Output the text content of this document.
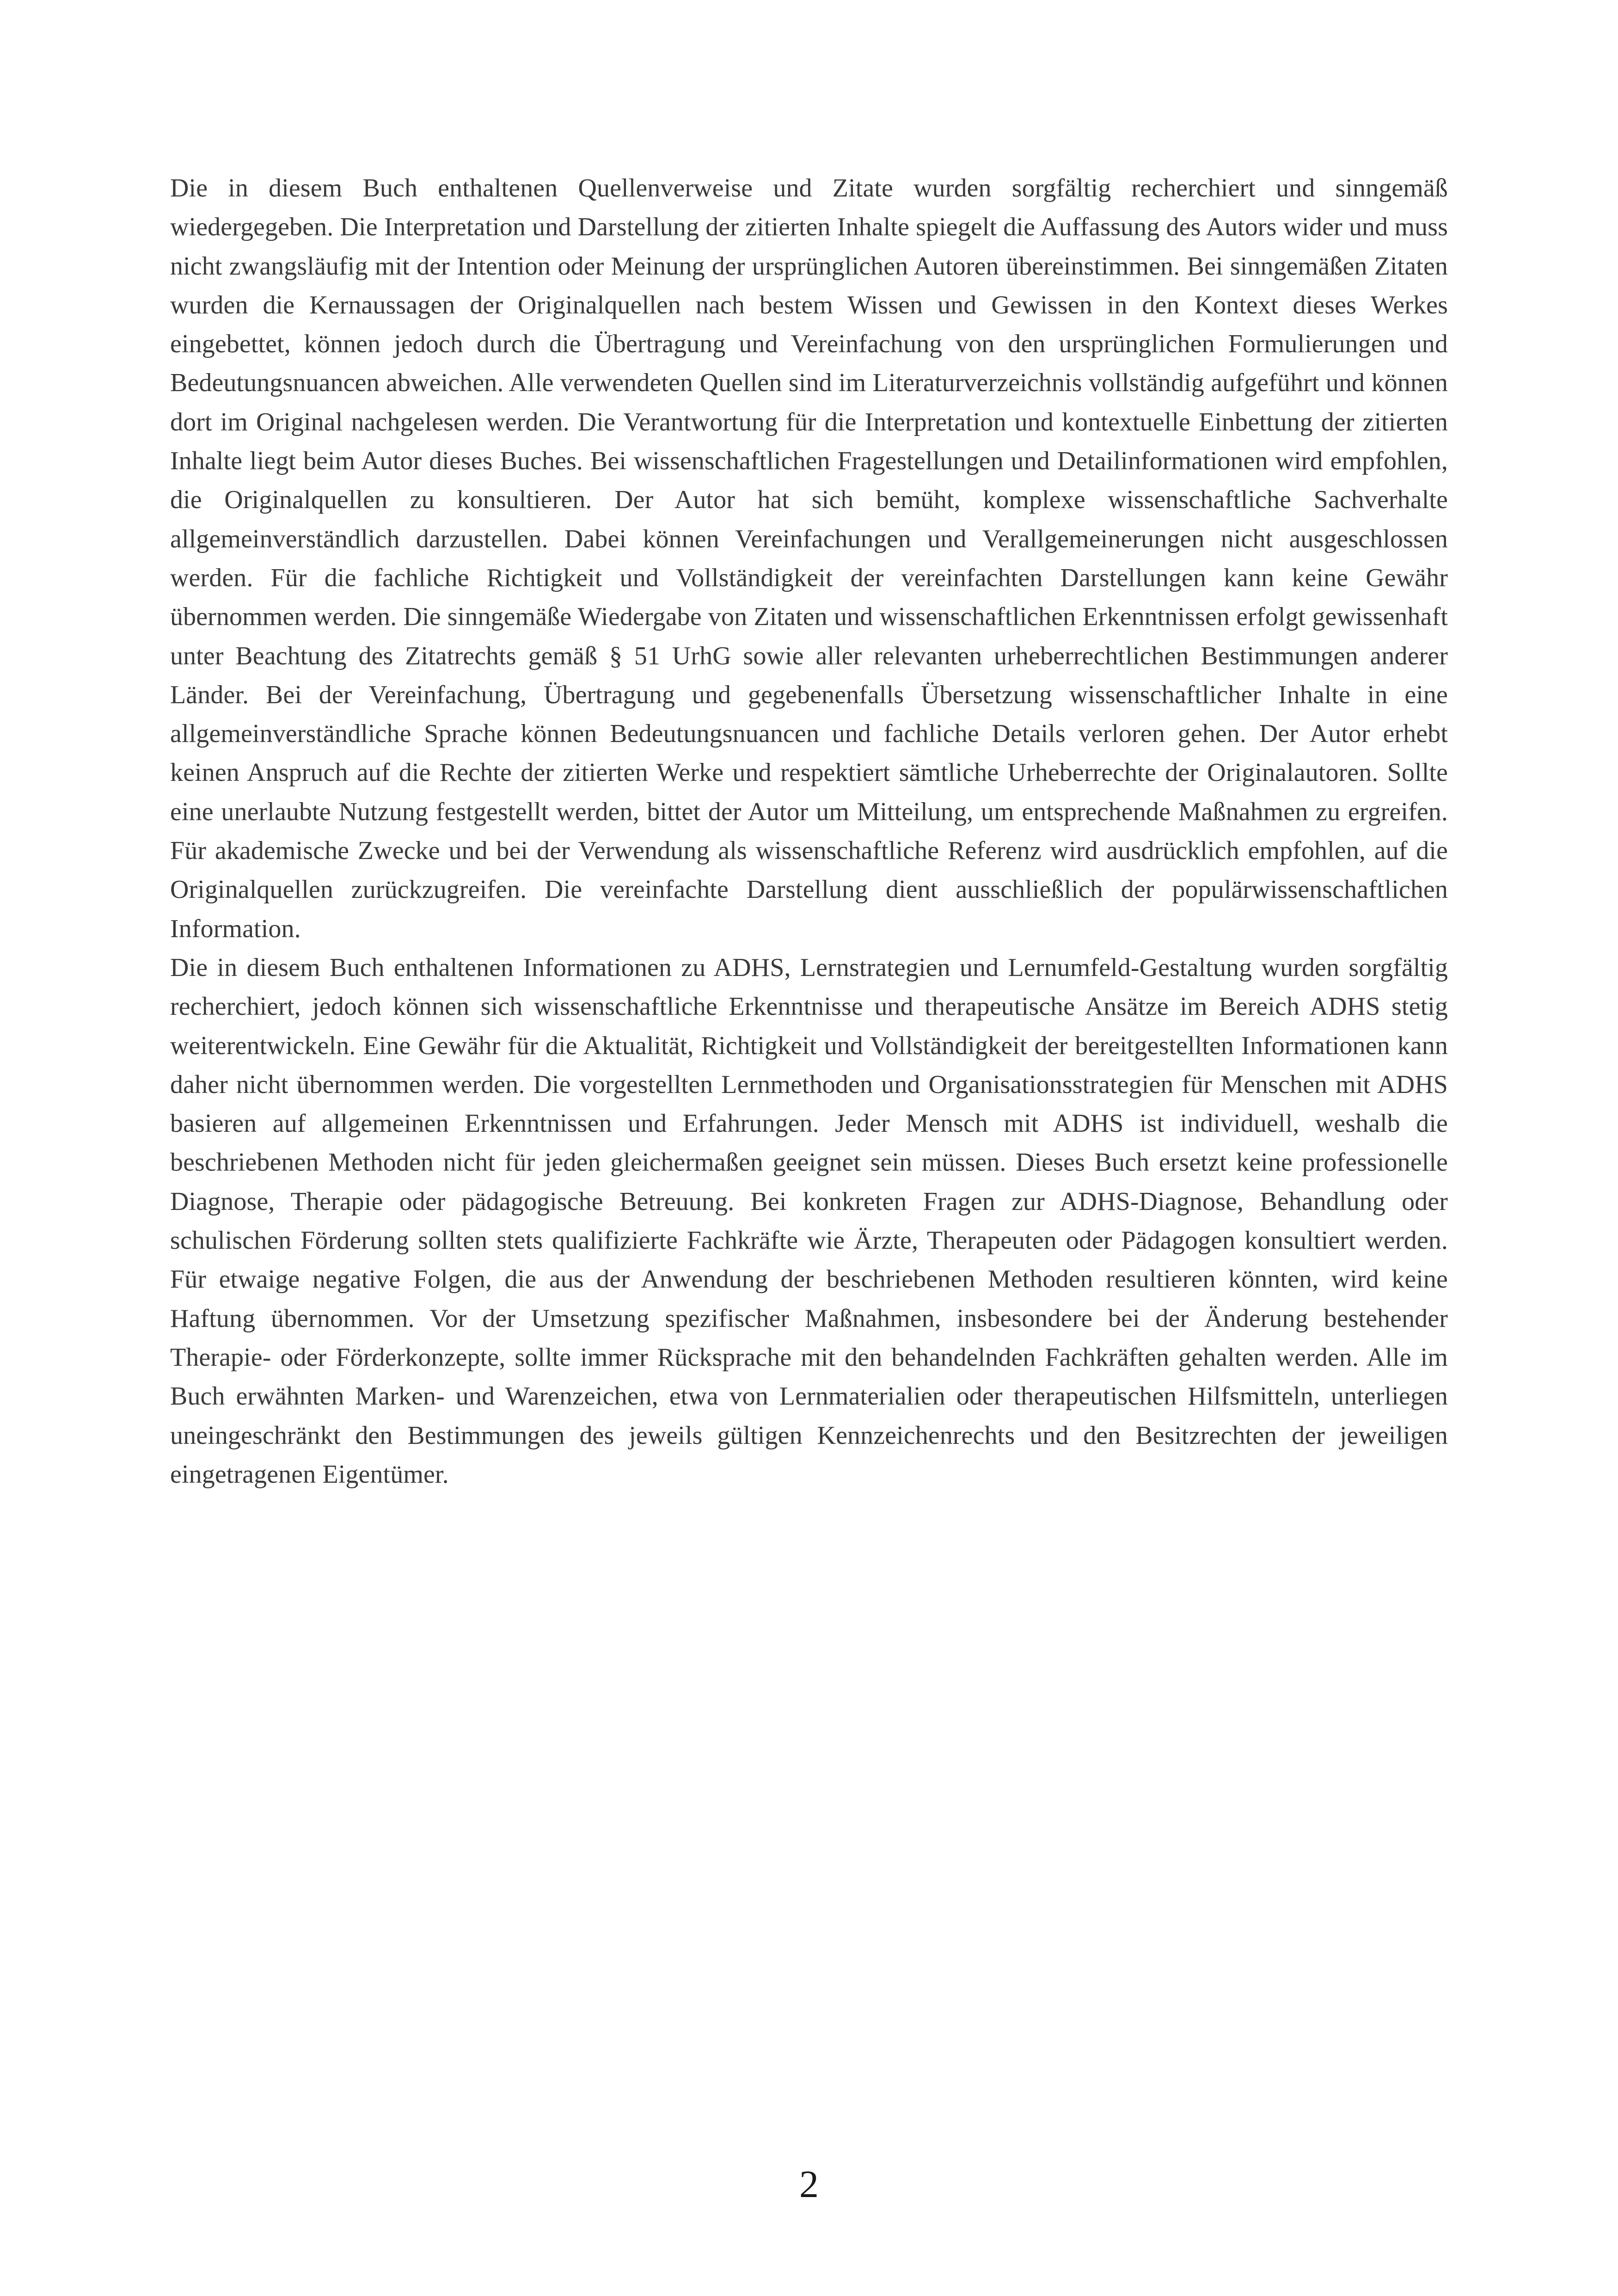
Die in diesem Buch enthaltenen Quellenverweise und Zitate wurden sorgfältig recherchiert und sinngemäß wiedergegeben. Die Interpretation und Darstellung der zitierten Inhalte spiegelt die Auffassung des Autors wider und muss nicht zwangsläufig mit der Intention oder Meinung der ursprünglichen Autoren übereinstimmen. Bei sinngemäßen Zitaten wurden die Kernaussagen der Originalquellen nach bestem Wissen und Gewissen in den Kontext dieses Werkes eingebettet, können jedoch durch die Übertragung und Vereinfachung von den ursprünglichen Formulierungen und Bedeutungsnuancen abweichen. Alle verwendeten Quellen sind im Literaturverzeichnis vollständig aufgeführt und können dort im Original nachgelesen werden. Die Verantwortung für die Interpretation und kontextuelle Einbettung der zitierten Inhalte liegt beim Autor dieses Buches. Bei wissenschaftlichen Fragestellungen und Detailinformationen wird empfohlen, die Originalquellen zu konsultieren. Der Autor hat sich bemüht, komplexe wissenschaftliche Sachverhalte allgemeinverständlich darzustellen. Dabei können Vereinfachungen und Verallgemeinerungen nicht ausgeschlossen werden. Für die fachliche Richtigkeit und Vollständigkeit der vereinfachten Darstellungen kann keine Gewähr übernommen werden. Die sinngemäße Wiedergabe von Zitaten und wissenschaftlichen Erkenntnissen erfolgt gewissenhaft unter Beachtung des Zitatrechts gemäß § 51 UrhG sowie aller relevanten urheberrechtlichen Bestimmungen anderer Länder. Bei der Vereinfachung, Übertragung und gegebenenfalls Übersetzung wissenschaftlicher Inhalte in eine allgemeinverständliche Sprache können Bedeutungsnuancen und fachliche Details verloren gehen. Der Autor erhebt keinen Anspruch auf die Rechte der zitierten Werke und respektiert sämtliche Urheberrechte der Originalautoren. Sollte eine unerlaubte Nutzung festgestellt werden, bittet der Autor um Mitteilung, um entsprechende Maßnahmen zu ergreifen. Für akademische Zwecke und bei der Verwendung als wissenschaftliche Referenz wird ausdrücklich empfohlen, auf die Originalquellen zurückzugreifen. Die vereinfachte Darstellung dient ausschließlich der populärwissenschaftlichen Information.

Die in diesem Buch enthaltenen Informationen zu ADHS, Lernstrategien und Lernumfeld-Gestaltung wurden sorgfältig recherchiert, jedoch können sich wissenschaftliche Erkenntnisse und therapeutische Ansätze im Bereich ADHS stetig weiterentwickeln. Eine Gewähr für die Aktualität, Richtigkeit und Vollständigkeit der bereitgestellten Informationen kann daher nicht übernommen werden. Die vorgestellten Lernmethoden und Organisationsstrategien für Menschen mit ADHS basieren auf allgemeinen Erkenntnissen und Erfahrungen. Jeder Mensch mit ADHS ist individuell, weshalb die beschriebenen Methoden nicht für jeden gleichermaßen geeignet sein müssen. Dieses Buch ersetzt keine professionelle Diagnose, Therapie oder pädagogische Betreuung. Bei konkreten Fragen zur ADHS-Diagnose, Behandlung oder schulischen Förderung sollten stets qualifizierte Fachkräfte wie Ärzte, Therapeuten oder Pädagogen konsultiert werden. Für etwaige negative Folgen, die aus der Anwendung der beschriebenen Methoden resultieren könnten, wird keine Haftung übernommen. Vor der Umsetzung spezifischer Maßnahmen, insbesondere bei der Änderung bestehender Therapie- oder Förderkonzepte, sollte immer Rücksprache mit den behandelnden Fachkräften gehalten werden. Alle im Buch erwähnten Marken- und Warenzeichen, etwa von Lernmaterialien oder therapeutischen Hilfsmitteln, unterliegen uneingeschränkt den Bestimmungen des jeweils gültigen Kennzeichenrechts und den Besitzrechten der jeweiligen eingetragenen Eigentümer.

2
